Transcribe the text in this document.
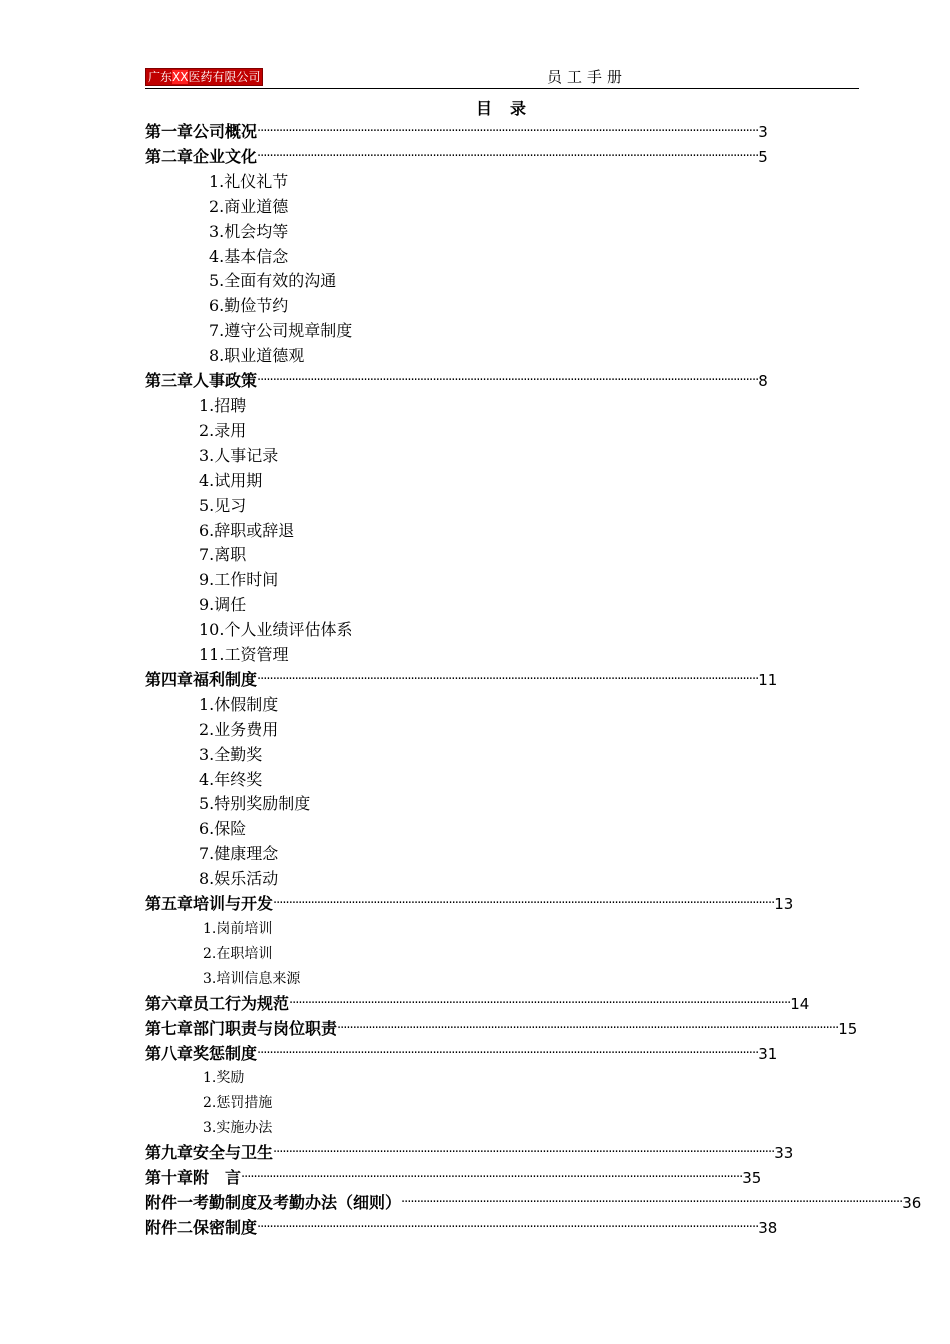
广东XX医药有限公司	员工手册
目录
第一章 公司概况 ································································································································································ 3
第二章 企业文化 ································································································································································ 5
1.礼仪礼节
2.商业道德
3.机会均等
4.基本信念
5.全面有效的沟通
6.勤俭节约
7.遵守公司规章制度
8.职业道德观
第三章 人事政策 ································································································································································ 8
1.招聘
2.录用
3.人事记录
4.试用期
5.见习
6.辞职或辞退
7.离职
9.工作时间
9.调任
10.个人业绩评估体系
11.工资管理
第四章 福利制度 ································································································································································ 11
1.休假制度
2.业务费用
3.全勤奖
4.年终奖
5.特别奖励制度
6.保险
7.健康理念
8.娱乐活动
第五章 培训与开发 ································································································································································ 13
1.岗前培训
2.在职培训
3.培训信息来源
第六章 员工行为规范 ································································································································································ 14
第七章 部门职责与岗位职责 ································································································································································ 15
第八章 奖惩制度 ································································································································································ 31
1.奖励
2.惩罚措施
3.实施办法
第九章 安全与卫生 ································································································································································ 33
第十章 附　言 ································································································································································ 35
附件一 考勤制度及考勤办法（细则） ································································································································································ 36
附件二 保密制度 ································································································································································ 38
